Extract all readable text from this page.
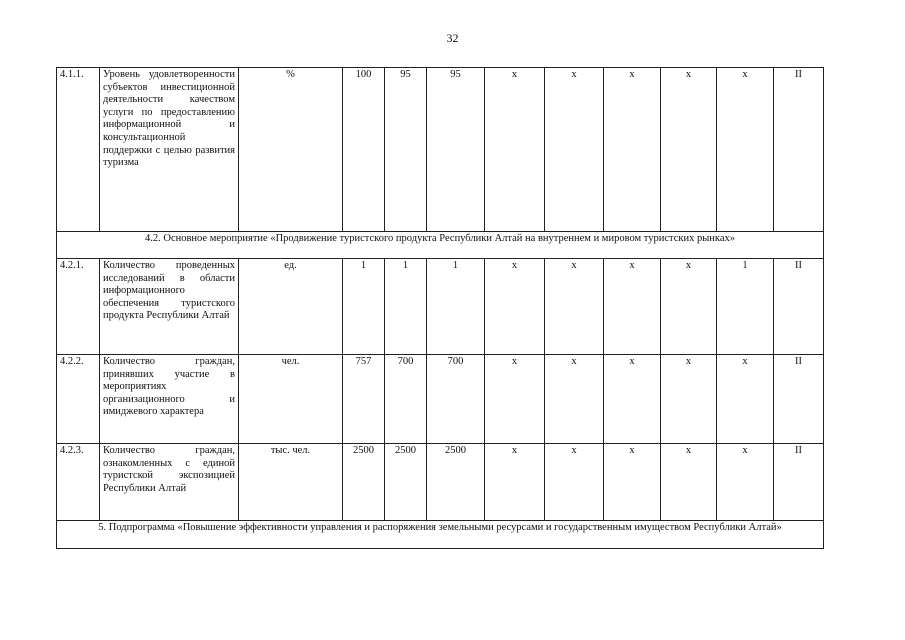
32
4.1.1.	Уровень удовлетворенности субъектов инвестиционной деятельности качеством услуги по предоставлению информационной и консультационной поддержки с целью развития туризма	%	100	95	95	х	х	х	х	х	II
4.2. Основное мероприятие «Продвижение туристского продукта Республики Алтай на внутреннем и мировом туристских рынках»											
4.2.1.	Количество проведенных исследований в области информационного обеспечения туристского продукта Республики Алтай	ед.	1	1	1	х	х	х	х	1	II
4.2.2.	Количество граждан, принявших участие в мероприятиях организационного и имиджевого характера	чел.	757	700	700	х	х	х	х	х	II
4.2.3.	Количество граждан, ознакомленных с единой туристской экспозицией Республики Алтай	тыс. чел.	2500	2500	2500	х	х	х	х	х	II
5. Подпрограмма «Повышение эффективности управления и распоряжения земельными ресурсами и государственным имуществом Республики Алтай»											
